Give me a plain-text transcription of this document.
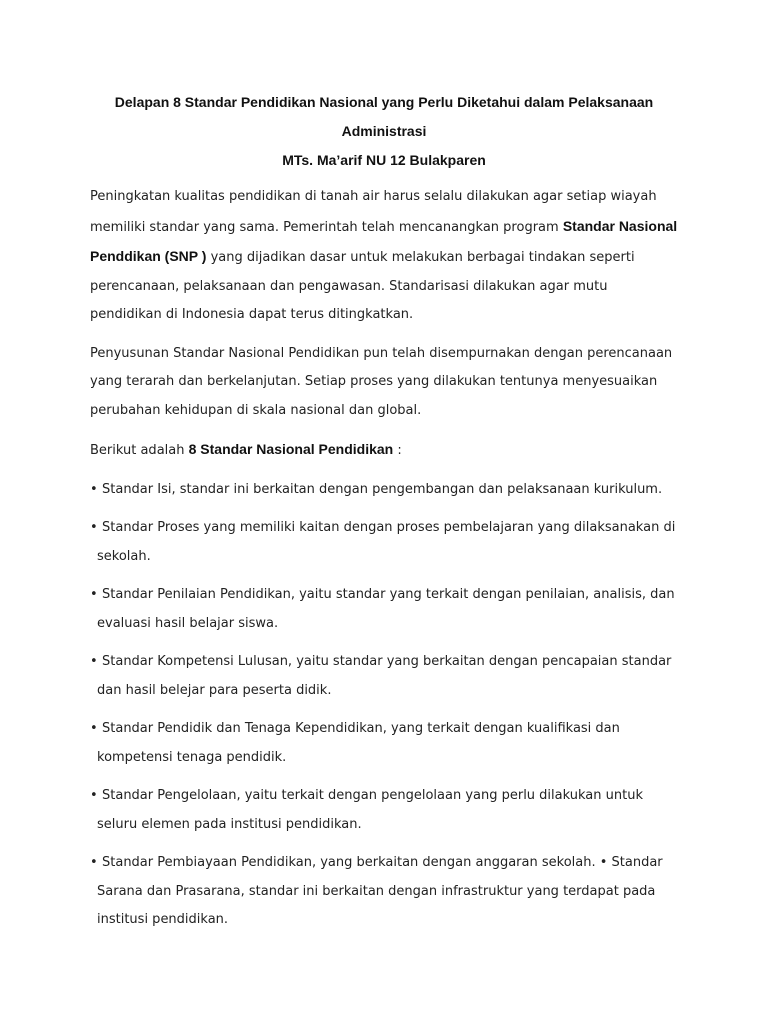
Delapan 8 Standar Pendidikan Nasional yang Perlu Diketahui dalam Pelaksanaan Administrasi
MTs. Ma’arif NU 12 Bulakparen

Peningkatan kualitas pendidikan di tanah air harus selalu dilakukan agar setiap wiayah memiliki standar yang sama. Pemerintah telah mencanangkan program Standar Nasional Penddikan (SNP ) yang dijadikan dasar untuk melakukan berbagai tindakan seperti perencanaan, pelaksanaan dan pengawasan. Standarisasi dilakukan agar mutu pendidikan di Indonesia dapat terus ditingkatkan.

Penyusunan Standar Nasional Pendidikan pun telah disempurnakan dengan perencanaan yang terarah dan berkelanjutan. Setiap proses yang dilakukan tentunya menyesuaikan perubahan kehidupan di skala nasional dan global.

Berikut adalah 8 Standar Nasional Pendidikan :

• Standar Isi, standar ini berkaitan dengan pengembangan dan pelaksanaan kurikulum.
• Standar Proses yang memiliki kaitan dengan proses pembelajaran yang dilaksanakan di sekolah.
• Standar Penilaian Pendidikan, yaitu standar yang terkait dengan penilaian, analisis, dan evaluasi hasil belajar siswa.
• Standar Kompetensi Lulusan, yaitu standar yang berkaitan dengan pencapaian standar dan hasil belejar para peserta didik.
• Standar Pendidik dan Tenaga Kependidikan, yang terkait dengan kualifikasi dan kompetensi tenaga pendidik.
• Standar Pengelolaan, yaitu terkait dengan pengelolaan yang perlu dilakukan untuk seluru elemen pada institusi pendidikan.
• Standar Pembiayaan Pendidikan, yang berkaitan dengan anggaran sekolah. • Standar Sarana dan Prasarana, standar ini berkaitan dengan infrastruktur yang terdapat pada institusi pendidikan.
